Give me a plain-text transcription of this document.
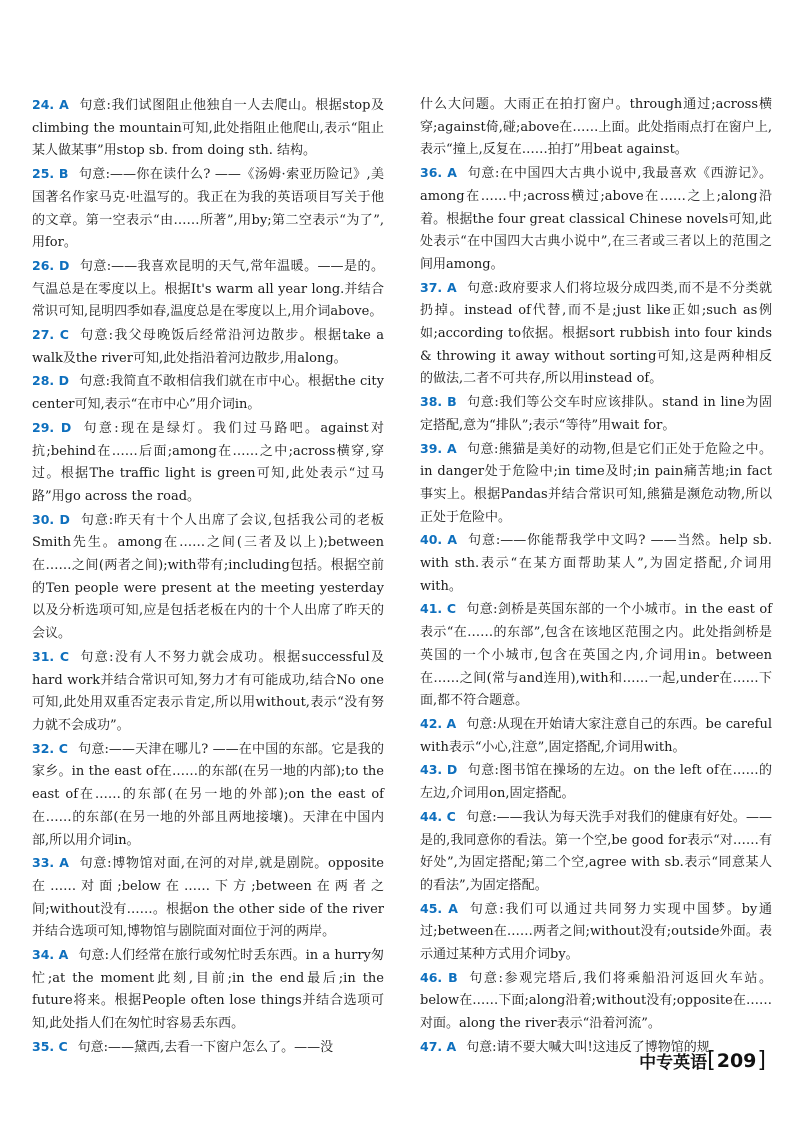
24. A 句意:我们试图阻止他独自一人去爬山。根据stop及climbing the mountain可知,此处指阻止他爬山,表示“阻止某人做某事”用stop sb. from doing sth. 结构。

25. B 句意:——你在读什么? ——《汤姆·索亚历险记》,美国著名作家马克·吐温写的。我正在为我的英语项目写关于他的文章。第一空表示“由……所著”,用by;第二空表示“为了”,用for。

26. D 句意:——我喜欢昆明的天气,常年温暖。——是的。气温总是在零度以上。根据It's warm all year long.并结合常识可知,昆明四季如春,温度总是在零度以上,用介词above。

27. C 句意:我父母晚饭后经常沿河边散步。根据take a walk及the river可知,此处指沿着河边散步,用along。

28. D 句意:我简直不敢相信我们就在市中心。根据the city center可知,表示“在市中心”用介词in。

29. D 句意:现在是绿灯。我们过马路吧。against对抗;behind在……后面;among在……之中;across横穿,穿过。根据The traffic light is green可知,此处表示“过马路”用go across the road。

30. D 句意:昨天有十个人出席了会议,包括我公司的老板Smith先生。among在……之间(三者及以上);between在……之间(两者之间);with带有;including包括。根据空前的Ten people were present at the meeting yesterday以及分析选项可知,应是包括老板在内的十个人出席了昨天的会议。

31. C 句意:没有人不努力就会成功。根据successful及hard work并结合常识可知,努力才有可能成功,结合No one可知,此处用双重否定表示肯定,所以用without,表示“没有努力就不会成功”。

32. C 句意:——天津在哪儿? ——在中国的东部。它是我的家乡。in the east of在……的东部(在另一地的内部);to the east of在……的东部(在另一地的外部);on the east of在……的东部(在另一地的外部且两地接壤)。天津在中国内部,所以用介词in。

33. A 句意:博物馆对面,在河的对岸,就是剧院。opposite在……对面;below在……下方;between在两者之间;without没有……。根据on the other side of the river并结合选项可知,博物馆与剧院面对面位于河的两岸。

34. A 句意:人们经常在旅行或匆忙时丢东西。in a hurry匆忙;at the moment此刻,目前;in the end最后;in the future将来。根据People often lose things并结合选项可知,此处指人们在匆忙时容易丢东西。

35. C 句意:——黛西,去看一下窗户怎么了。——没

什么大问题。大雨正在拍打窗户。through通过;across横穿;against倚,碰;above在……上面。此处指雨点打在窗户上,表示“撞上,反复在……拍打”用beat against。

36. A 句意:在中国四大古典小说中,我最喜欢《西游记》。among在……中;across横过;above在……之上;along沿着。根据the four great classical Chinese novels可知,此处表示“在中国四大古典小说中”,在三者或三者以上的范围之间用among。

37. A 句意:政府要求人们将垃圾分成四类,而不是不分类就扔掉。instead of代替,而不是;just like正如;such as例如;according to依据。根据sort rubbish into four kinds & throwing it away without sorting可知,这是两种相反的做法,二者不可共存,所以用instead of。

38. B 句意:我们等公交车时应该排队。stand in line为固定搭配,意为“排队”;表示“等待”用wait for。

39. A 句意:熊猫是美好的动物,但是它们正处于危险之中。in danger处于危险中;in time及时;in pain痛苦地;in fact事实上。根据Pandas并结合常识可知,熊猫是濒危动物,所以正处于危险中。

40. A 句意:——你能帮我学中文吗? ——当然。help sb. with sth.表示“在某方面帮助某人”,为固定搭配,介词用with。

41. C 句意:剑桥是英国东部的一个小城市。in the east of表示“在……的东部”,包含在该地区范围之内。此处指剑桥是英国的一个小城市,包含在英国之内,介词用in。between在……之间(常与and连用),with和……一起,under在……下面,都不符合题意。

42. A 句意:从现在开始请大家注意自己的东西。be careful with表示“小心,注意”,固定搭配,介词用with。

43. D 句意:图书馆在操场的左边。on the left of在……的左边,介词用on,固定搭配。

44. C 句意:——我认为每天洗手对我们的健康有好处。——是的,我同意你的看法。第一个空,be good for表示“对……有好处”,为固定搭配;第二个空,agree with sb.表示“同意某人的看法”,为固定搭配。

45. A 句意:我们可以通过共同努力实现中国梦。by通过;between在……两者之间;without没有;outside外面。表示通过某种方式用介词by。

46. B 句意:参观完塔后,我们将乘船沿河返回火车站。below在……下面;along沿着;without没有;opposite在……对面。along the river表示“沿着河流”。

47. A 句意:请不要大喊大叫!这违反了博物馆的规

中专英语 [ 209 ]
